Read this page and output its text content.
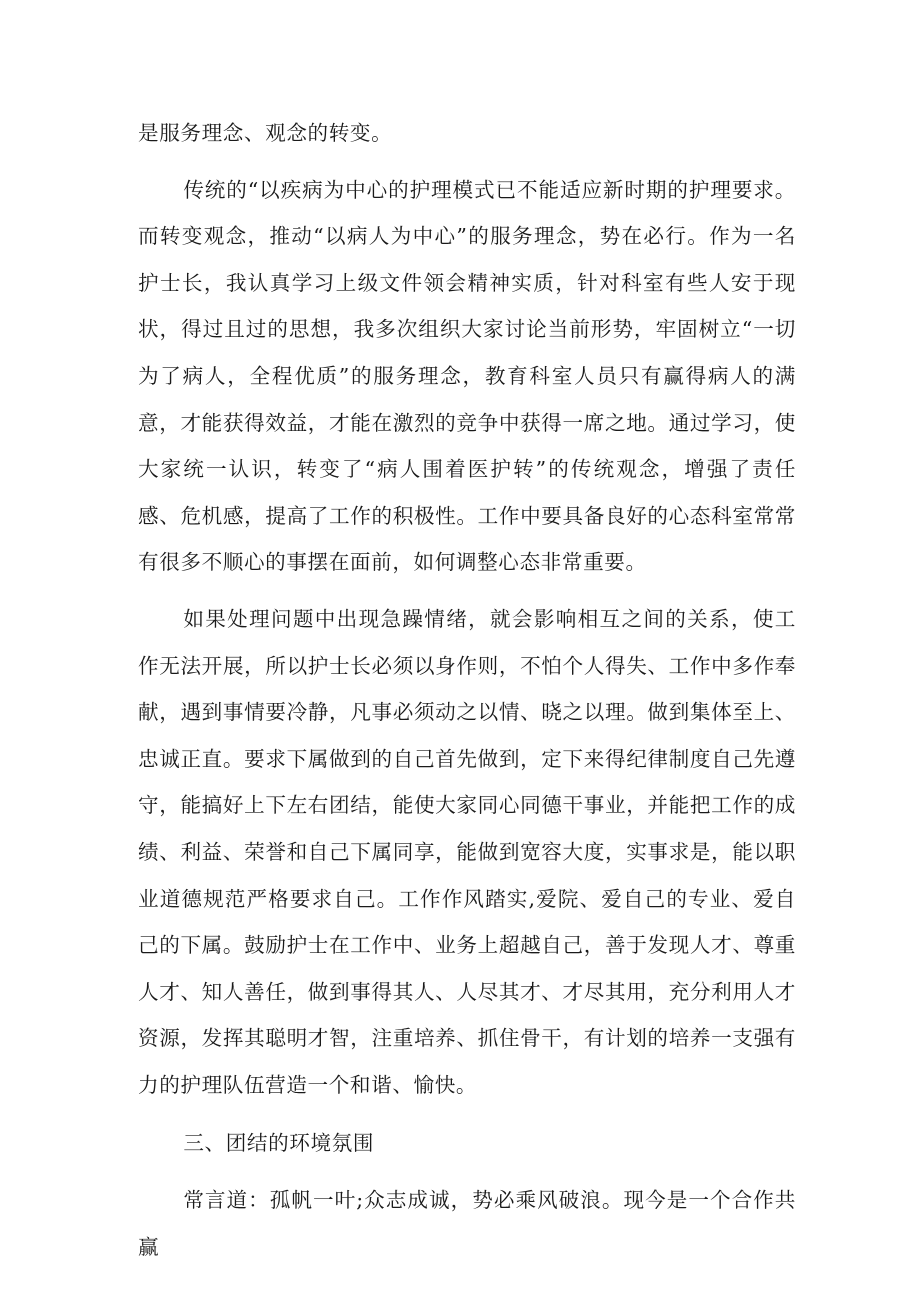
是服务理念、观念的转变。

传统的“以疾病为中心的护理模式已不能适应新时期的护理要求。而转变观念，推动“以病人为中心”的服务理念，势在必行。作为一名护士长，我认真学习上级文件领会精神实质，针对科室有些人安于现状，得过且过的思想，我多次组织大家讨论当前形势，牢固树立“一切为了病人，全程优质”的服务理念，教育科室人员只有赢得病人的满意，才能获得效益，才能在激烈的竞争中获得一席之地。通过学习，使大家统一认识，转变了“病人围着医护转”的传统观念，增强了责任感、危机感，提高了工作的积极性。工作中要具备良好的心态科室常常有很多不顺心的事摆在面前，如何调整心态非常重要。

如果处理问题中出现急躁情绪，就会影响相互之间的关系，使工作无法开展，所以护士长必须以身作则，不怕个人得失、工作中多作奉献，遇到事情要冷静，凡事必须动之以情、晓之以理。做到集体至上、忠诚正直。要求下属做到的自己首先做到，定下来得纪律制度自己先遵守，能搞好上下左右团结，能使大家同心同德干事业，并能把工作的成绩、利益、荣誉和自己下属同享，能做到宽容大度，实事求是，能以职业道德规范严格要求自己。工作作风踏实,爱院、爱自己的专业、爱自己的下属。鼓励护士在工作中、业务上超越自己，善于发现人才、尊重人才、知人善任，做到事得其人、人尽其才、才尽其用，充分利用人才资源，发挥其聪明才智，注重培养、抓住骨干，有计划的培养一支强有力的护理队伍营造一个和谐、愉快。

三、团结的环境氛围

常言道：孤帆一叶;众志成诚，势必乘风破浪。现今是一个合作共赢
